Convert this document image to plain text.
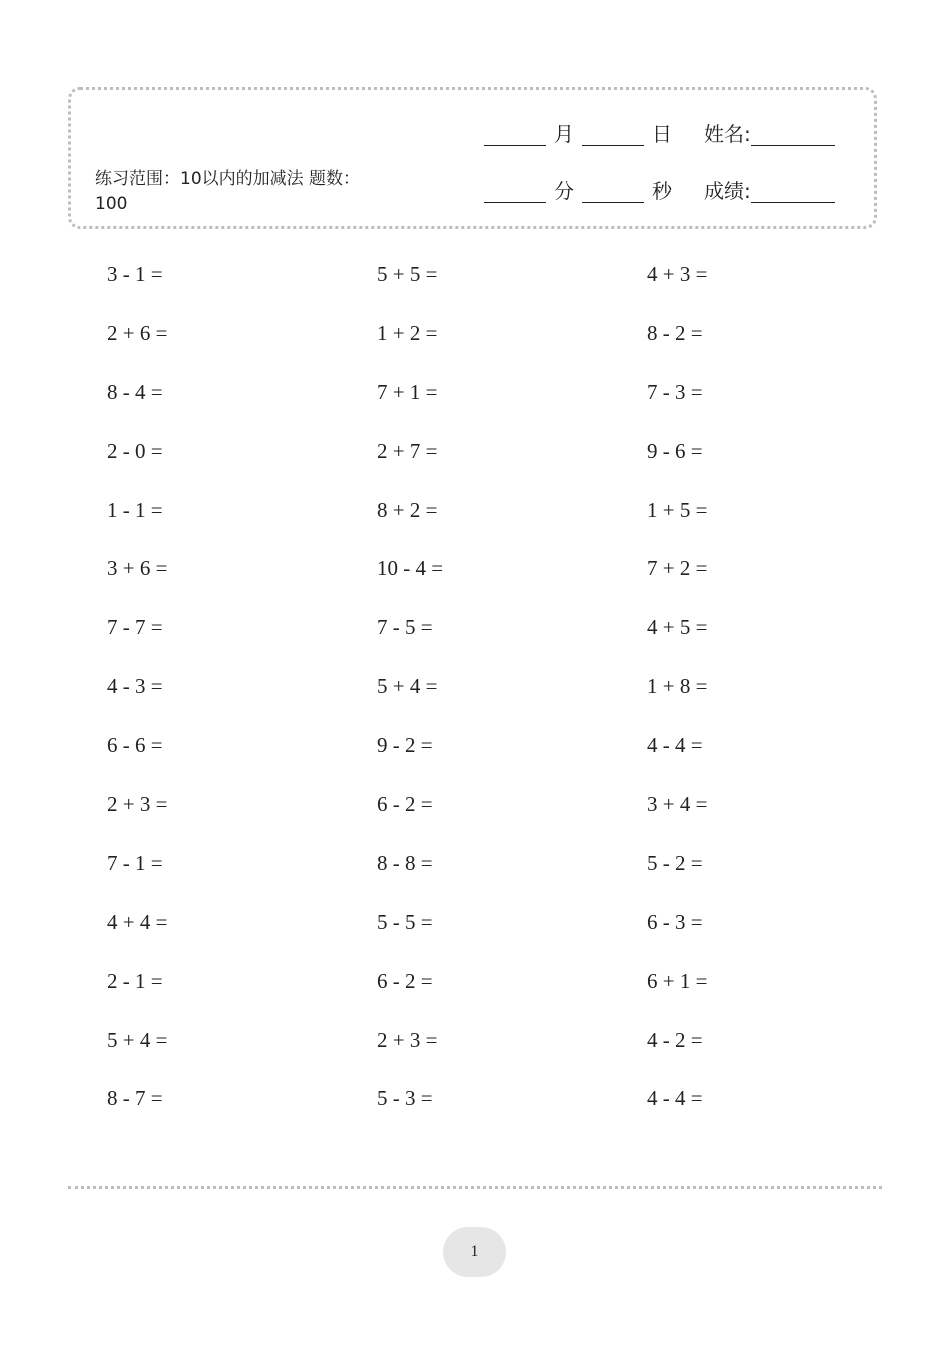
练习范围：10以内的加减法 题数：100
月	日 姓名:
分	秒 成绩:
3 - 1 =	5 + 5 =	4 + 3 =
2 + 6 =	1 + 2 =	8 - 2 =
8 - 4 =	7 + 1 =	7 - 3 =
2 - 0 =	2 + 7 =	9 - 6 =
1 - 1 =	8 + 2 =	1 + 5 =
3 + 6 =	10 - 4 =	7 + 2 =
7 - 7 =	7 - 5 =	4 + 5 =
4 - 3 =	5 + 4 =	1 + 8 =
6 - 6 =	9 - 2 =	4 - 4 =
2 + 3 =	6 - 2 =	3 + 4 =
7 - 1 =	8 - 8 =	5 - 2 =
4 + 4 =	5 - 5 =	6 - 3 =
2 - 1 =	6 - 2 =	6 + 1 =
5 + 4 =	2 + 3 =	4 - 2 =
8 - 7 =	5 - 3 =	4 - 4 =
1
